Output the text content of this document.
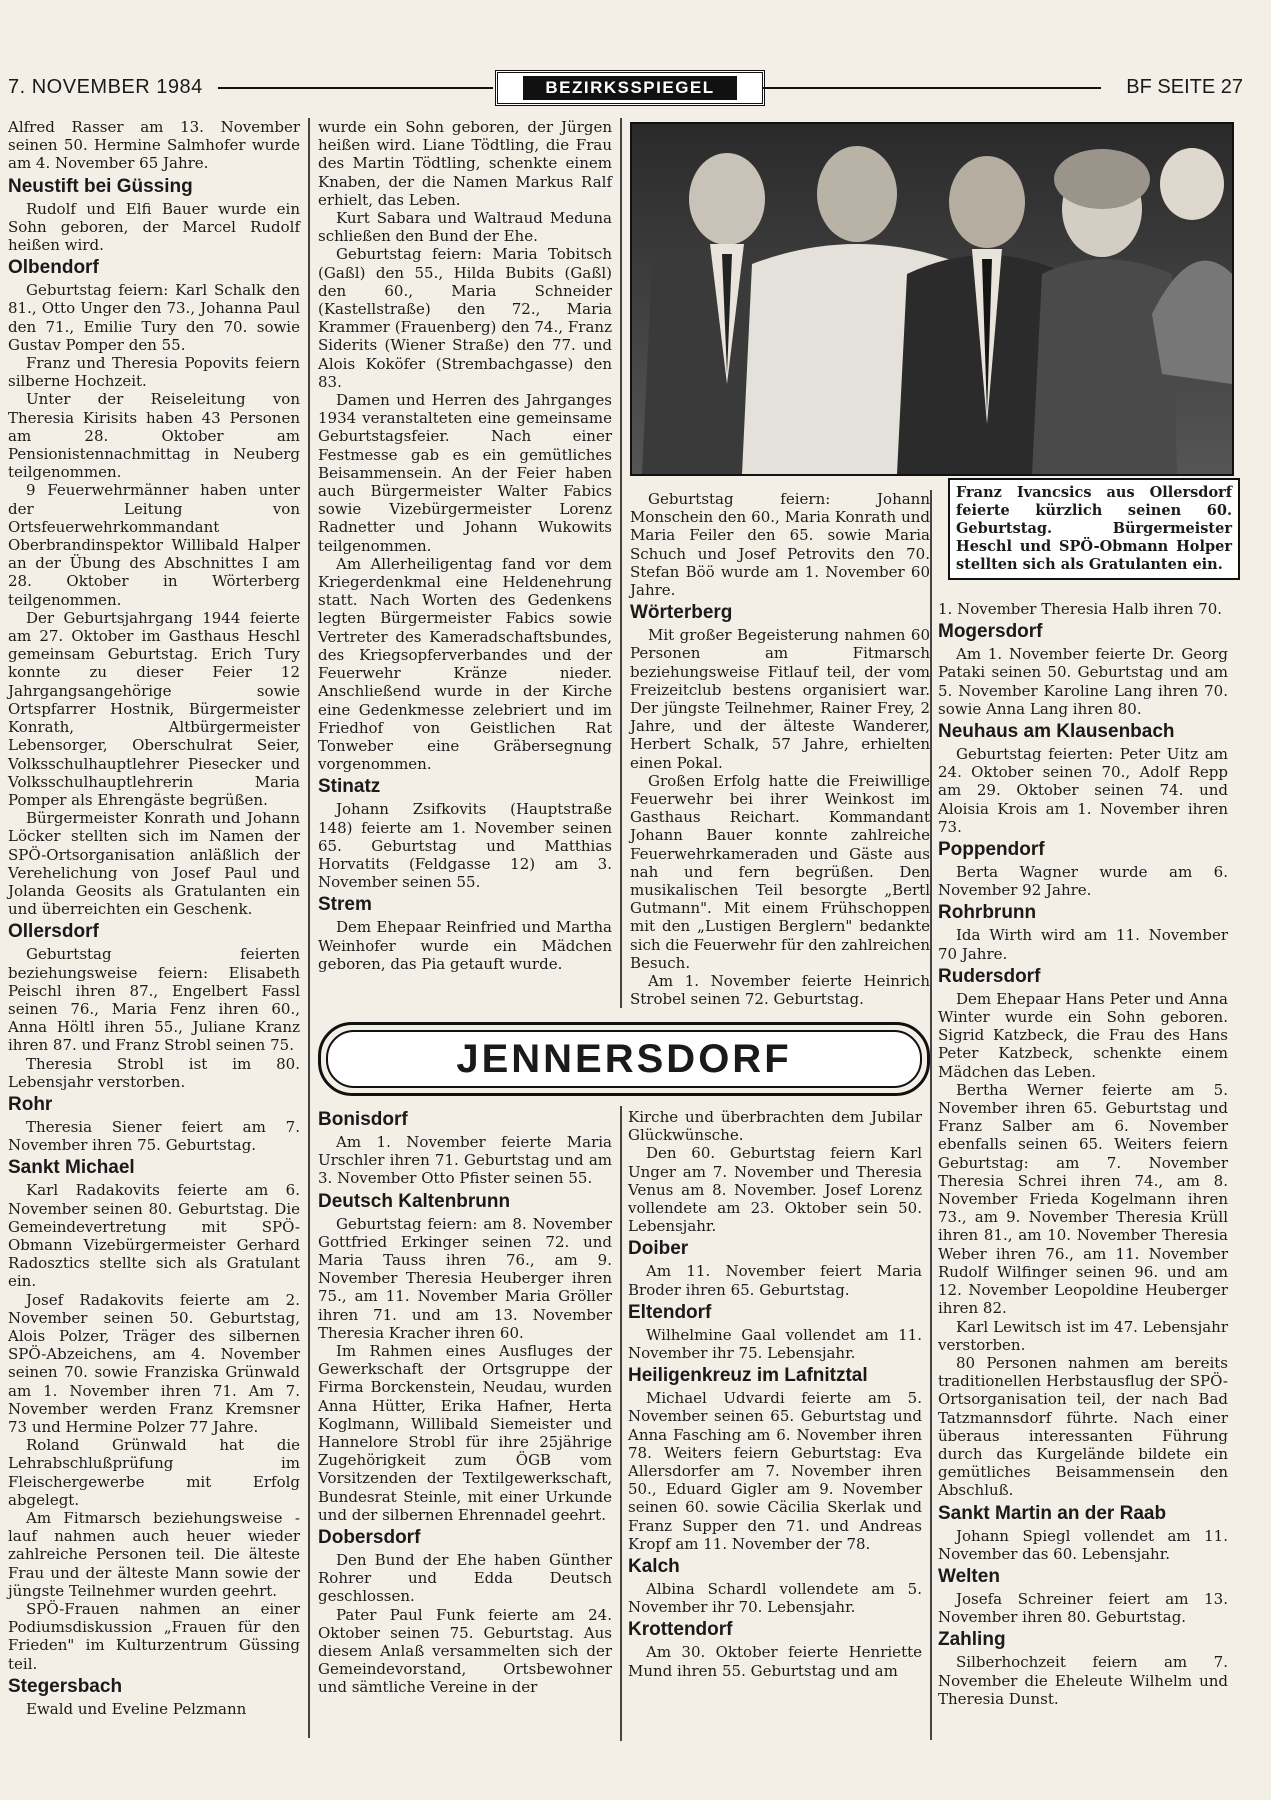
7. NOVEMBER 1984	BEZIRKSSPIEGEL	BF SEITE 27

Alfred Rasser am 13. November seinen 50. Hermine Salmhofer wurde am 4. November 65 Jahre.

Neustift bei Güssing

Rudolf und Elfi Bauer wurde ein Sohn geboren, der Marcel Rudolf heißen wird.

Olbendorf

Geburtstag feiern: Karl Schalk den 81., Otto Unger den 73., Johanna Paul den 71., Emilie Tury den 70. sowie Gustav Pomper den 55.

Franz und Theresia Popovits feiern silberne Hochzeit.

Unter der Reiseleitung von Theresia Kirisits haben 43 Personen am 28. Oktober am Pensionistennachmittag in Neuberg teilgenommen.

9 Feuerwehrmänner haben unter der Leitung von Ortsfeuerwehrkommandant Oberbrandinspektor Willibald Halper an der Übung des Abschnittes I am 28. Oktober in Wörterberg teilgenommen.

Der Geburtsjahrgang 1944 feierte am 27. Oktober im Gasthaus Heschl gemeinsam Geburtstag. Erich Tury konnte zu dieser Feier 12 Jahrgangsangehörige sowie Ortspfarrer Hostnik, Bürgermeister Konrath, Altbürgermeister Lebensorger, Oberschulrat Seier, Volksschulhauptlehrer Piesecker und Volksschulhauptlehrerin Maria Pomper als Ehrengäste begrüßen.

Bürgermeister Konrath und Johann Löcker stellten sich im Namen der SPÖ-Ortsorganisation anläßlich der Verehelichung von Josef Paul und Jolanda Geosits als Gratulanten ein und überreichten ein Geschenk.

Ollersdorf

Geburtstag feierten beziehungsweise feiern: Elisabeth Peischl ihren 87., Engelbert Fassl seinen 76., Maria Fenz ihren 60., Anna Höltl ihren 55., Juliane Kranz ihren 87. und Franz Strobl seinen 75.

Theresia Strobl ist im 80. Lebensjahr verstorben.

Rohr

Theresia Siener feiert am 7. November ihren 75. Geburtstag.

Sankt Michael

Karl Radakovits feierte am 6. November seinen 80. Geburtstag. Die Gemeindevertretung mit SPÖ-Obmann Vizebürgermeister Gerhard Radosztics stellte sich als Gratulant ein.

Josef Radakovits feierte am 2. November seinen 50. Geburtstag, Alois Polzer, Träger des silbernen SPÖ-Abzeichens, am 4. November seinen 70. sowie Franziska Grünwald am 1. November ihren 71. Am 7. November werden Franz Kremsner 73 und Hermine Polzer 77 Jahre.

Roland Grünwald hat die Lehrabschlußprüfung im Fleischergewerbe mit Erfolg abgelegt.

Am Fitmarsch beziehungsweise -lauf nahmen auch heuer wieder zahlreiche Personen teil. Die älteste Frau und der älteste Mann sowie der jüngste Teilnehmer wurden geehrt.

SPÖ-Frauen nahmen an einer Podiumsdiskussion „Frauen für den Frieden" im Kulturzentrum Güssing teil.

Stegersbach

Ewald und Eveline Pelzmann

wurde ein Sohn geboren, der Jürgen heißen wird. Liane Tödtling, die Frau des Martin Tödtling, schenkte einem Knaben, der die Namen Markus Ralf erhielt, das Leben.

Kurt Sabara und Waltraud Meduna schließen den Bund der Ehe.

Geburtstag feiern: Maria Tobitsch (Gaßl) den 55., Hilda Bubits (Gaßl) den 60., Maria Schneider (Kastellstraße) den 72., Maria Krammer (Frauenberg) den 74., Franz Siderits (Wiener Straße) den 77. und Alois Koköfer (Strembachgasse) den 83.

Damen und Herren des Jahrganges 1934 veranstalteten eine gemeinsame Geburtstagsfeier. Nach einer Festmesse gab es ein gemütliches Beisammensein. An der Feier haben auch Bürgermeister Walter Fabics sowie Vizebürgermeister Lorenz Radnetter und Johann Wukowits teilgenommen.

Am Allerheiligentag fand vor dem Kriegerdenkmal eine Heldenehrung statt. Nach Worten des Gedenkens legten Bürgermeister Fabics sowie Vertreter des Kameradschaftsbundes, des Kriegsopferverbandes und der Feuerwehr Kränze nieder. Anschließend wurde in der Kirche eine Gedenkmesse zelebriert und im Friedhof von Geistlichen Rat Tonweber eine Gräbersegnung vorgenommen.

Stinatz

Johann Zsifkovits (Hauptstraße 148) feierte am 1. November seinen 65. Geburtstag und Matthias Horvatits (Feldgasse 12) am 3. November seinen 55.

Strem

Dem Ehepaar Reinfried und Martha Weinhofer wurde ein Mädchen geboren, das Pia getauft wurde.

Franz Ivancsics aus Ollersdorf feierte kürzlich seinen 60. Geburtstag. Bürgermeister Heschl und SPÖ-Obmann Holper stellten sich als Gratulanten ein.

Geburtstag feiern: Johann Monschein den 60., Maria Konrath und Maria Feiler den 65. sowie Maria Schuch und Josef Petrovits den 70. Stefan Böö wurde am 1. November 60 Jahre.

Wörterberg

Mit großer Begeisterung nahmen 60 Personen am Fitmarsch beziehungsweise Fitlauf teil, der vom Freizeitclub bestens organisiert war. Der jüngste Teilnehmer, Rainer Frey, 2 Jahre, und der älteste Wanderer, Herbert Schalk, 57 Jahre, erhielten einen Pokal.

Großen Erfolg hatte die Freiwillige Feuerwehr bei ihrer Weinkost im Gasthaus Reichart. Kommandant Johann Bauer konnte zahlreiche Feuerwehrkameraden und Gäste aus nah und fern begrüßen. Den musikalischen Teil besorgte „Bertl Gutmann". Mit einem Frühschoppen mit den „Lustigen Berglern" bedankte sich die Feuerwehr für den zahlreichen Besuch.

Am 1. November feierte Heinrich Strobel seinen 72. Geburtstag.

1. November Theresia Halb ihren 70.

Mogersdorf

Am 1. November feierte Dr. Georg Pataki seinen 50. Geburtstag und am 5. November Karoline Lang ihren 70. sowie Anna Lang ihren 80.

Neuhaus am Klausenbach

Geburtstag feierten: Peter Uitz am 24. Oktober seinen 70., Adolf Repp am 29. Oktober seinen 74. und Aloisia Krois am 1. November ihren 73.

Poppendorf

Berta Wagner wurde am 6. November 92 Jahre.

Rohrbrunn

Ida Wirth wird am 11. November 70 Jahre.

Rudersdorf

Dem Ehepaar Hans Peter und Anna Winter wurde ein Sohn geboren. Sigrid Katzbeck, die Frau des Hans Peter Katzbeck, schenkte einem Mädchen das Leben.

Bertha Werner feierte am 5. November ihren 65. Geburtstag und Franz Salber am 6. November ebenfalls seinen 65. Weiters feiern Geburtstag: am 7. November Theresia Schrei ihren 74., am 8. November Frieda Kogelmann ihren 73., am 9. November Theresia Krüll ihren 81., am 10. November Theresia Weber ihren 76., am 11. November Rudolf Wilfinger seinen 96. und am 12. November Leopoldine Heuberger ihren 82.

Karl Lewitsch ist im 47. Lebensjahr verstorben.

80 Personen nahmen am bereits traditionellen Herbstausflug der SPÖ-Ortsorganisation teil, der nach Bad Tatzmannsdorf führte. Nach einer überaus interessanten Führung durch das Kurgelände bildete ein gemütliches Beisammensein den Abschluß.

Sankt Martin an der Raab

Johann Spiegl vollendet am 11. November das 60. Lebensjahr.

Welten

Josefa Schreiner feiert am 13. November ihren 80. Geburtstag.

Zahling

Silberhochzeit feiern am 7. November die Eheleute Wilhelm und Theresia Dunst.

JENNERSDORF
Bonisdorf

Am 1. November feierte Maria Urschler ihren 71. Geburtstag und am 3. November Otto Pfister seinen 55.

Deutsch Kaltenbrunn

Geburtstag feiern: am 8. November Gottfried Erkinger seinen 72. und Maria Tauss ihren 76., am 9. November Theresia Heuberger ihren 75., am 11. November Maria Gröller ihren 71. und am 13. November Theresia Kracher ihren 60.

Im Rahmen eines Ausfluges der Gewerkschaft der Ortsgruppe der Firma Borckenstein, Neudau, wurden Anna Hütter, Erika Hafner, Herta Koglmann, Willibald Siemeister und Hannelore Strobl für ihre 25jährige Zugehörigkeit zum ÖGB vom Vorsitzenden der Textilgewerkschaft, Bundesrat Steinle, mit einer Urkunde und der silbernen Ehrennadel geehrt.

Dobersdorf

Den Bund der Ehe haben Günther Rohrer und Edda Deutsch geschlossen.

Pater Paul Funk feierte am 24. Oktober seinen 75. Geburtstag. Aus diesem Anlaß versammelten sich der Gemeindevorstand, Ortsbewohner und sämtliche Vereine in der

Kirche und überbrachten dem Jubilar Glückwünsche.

Den 60. Geburtstag feiern Karl Unger am 7. November und Theresia Venus am 8. November. Josef Lorenz vollendete am 23. Oktober sein 50. Lebensjahr.

Doiber

Am 11. November feiert Maria Broder ihren 65. Geburtstag.

Eltendorf

Wilhelmine Gaal vollendet am 11. November ihr 75. Lebensjahr.

Heiligenkreuz im Lafnitztal

Michael Udvardi feierte am 5. November seinen 65. Geburtstag und Anna Fasching am 6. November ihren 78. Weiters feiern Geburtstag: Eva Allersdorfer am 7. November ihren 50., Eduard Gigler am 9. November seinen 60. sowie Cäcilia Skerlak und Franz Supper den 71. und Andreas Kropf am 11. November der 78.

Kalch

Albina Schardl vollendete am 5. November ihr 70. Lebensjahr.

Krottendorf

Am 30. Oktober feierte Henriette Mund ihren 55. Geburtstag und am
